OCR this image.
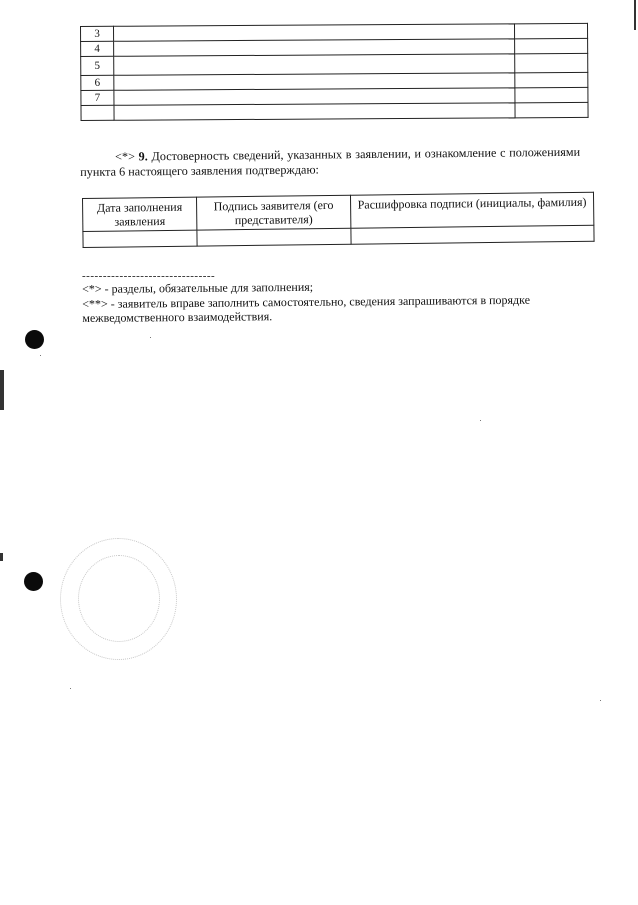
3		
4		
5		
6		
7		

<*> 9. Достоверность сведений, указанных в заявлении, и ознакомление с положениями пункта 6 настоящего заявления подтверждаю:
Дата заполнения заявления	Подпись заявителя (его представителя)	Расшифровка подписи (инициалы, фамилия)

--------------------------------

<*> - разделы, обязательные для заполнения;

<**> - заявитель вправе заполнить самостоятельно, сведения запрашиваются в порядке межведомственного взаимодействия.
